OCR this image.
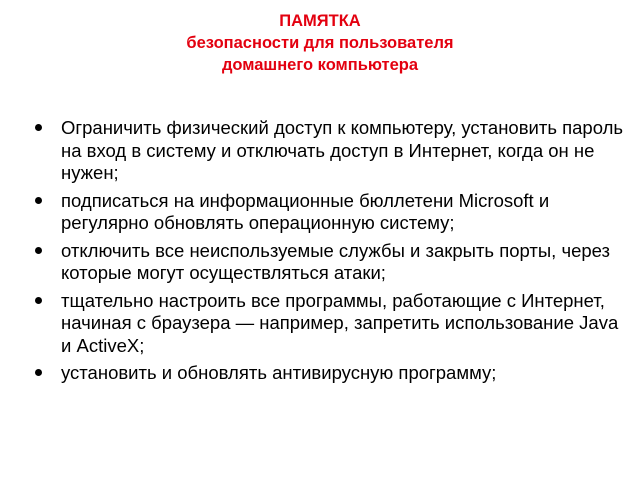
ПАМЯТКА
безопасности для пользователя
домашнего компьютера
Ограничить физический доступ к компьютеру, установить пароль на вход в систему и отключать доступ в Интернет, когда он не нужен;
подписаться на информационные бюллетени Microsoft и регулярно обновлять операционную систему;
отключить все неиспользуемые службы и закрыть порты, через которые могут осуществляться атаки;
тщательно настроить все программы, работающие с Интернет, начиная с браузера — например, запретить использование Java и ActiveX;
установить и обновлять антивирусную программу;
